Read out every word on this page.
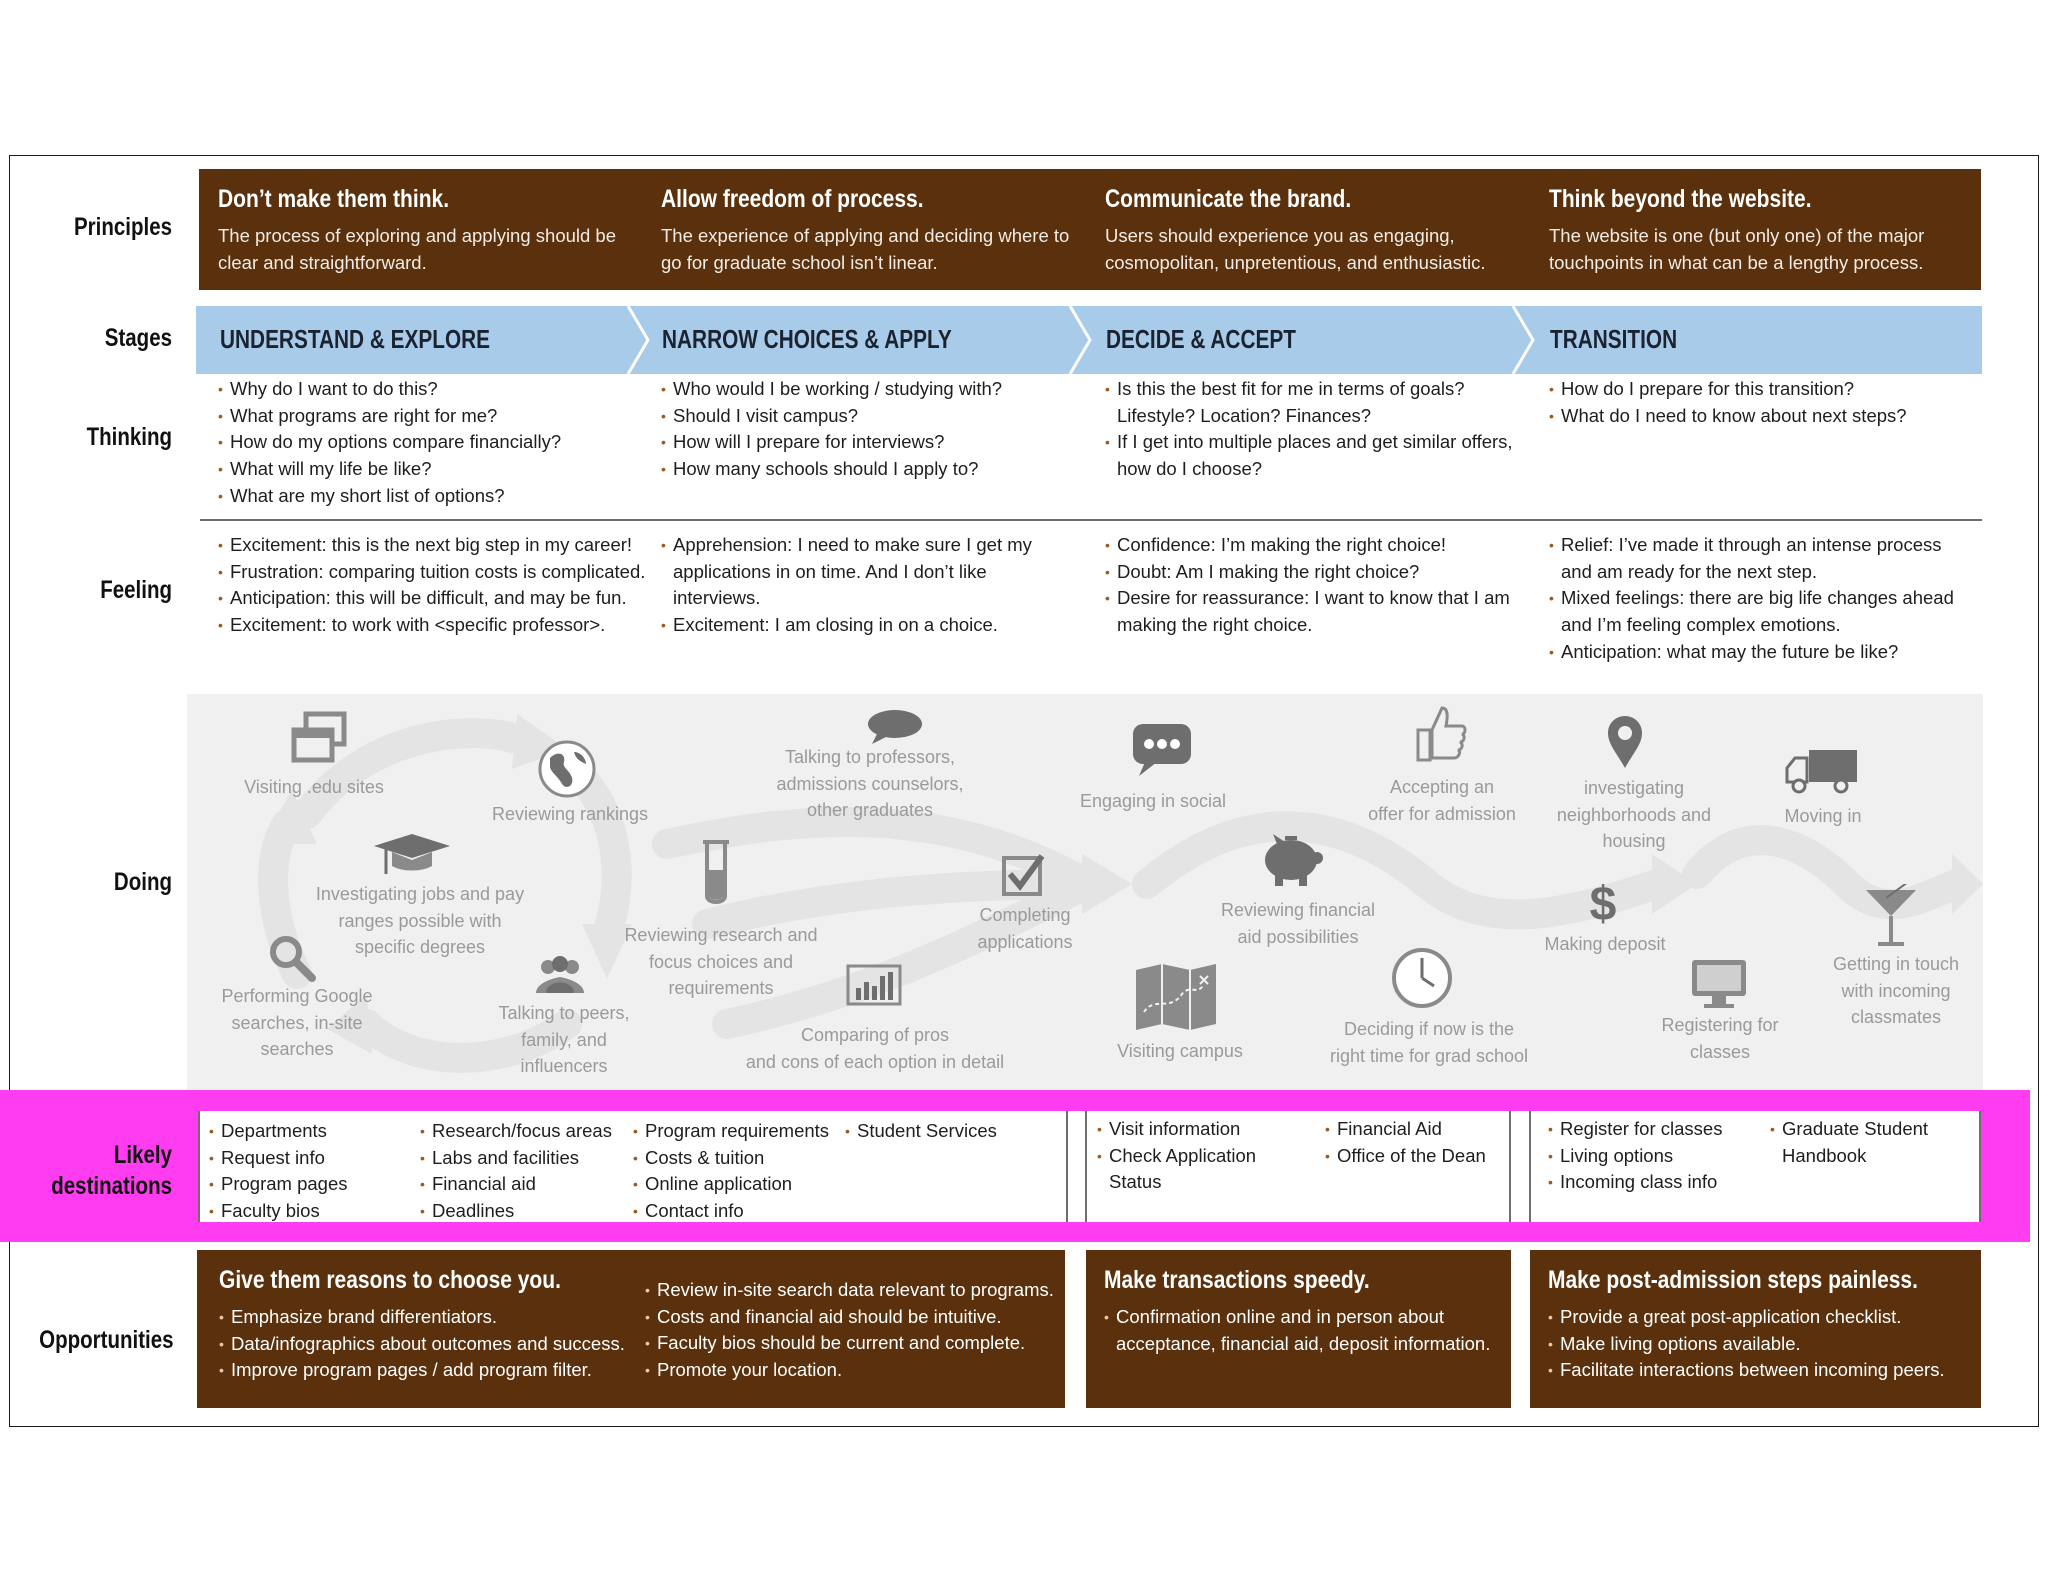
Principles
Stages
Thinking
Feeling
Doing
Opportunities
Don’t make them think.
The process of exploring and applying should be clear and straightforward.
Allow freedom of process.
The experience of applying and deciding where to go for graduate school isn’t linear.
Communicate the brand.
Users should experience you as engaging, cosmopolitan, unpretentious, and enthusiastic.
Think beyond the website.
The website is one (but only one) of the major touchpoints in what can be a lengthy process.
UNDERSTAND & EXPLORE	NARROW CHOICES & APPLY	DECIDE & ACCEPT	TRANSITION
• Why do I want to do this?
• What programs are right for me?
• How do my options compare financially?
• What will my life be like?
• What are my short list of options?
• Who would I be working / studying with?
• Should I visit campus?
• How will I prepare for interviews?
• How many schools should I apply to?
• Is this the best fit for me in terms of goals? Lifestyle? Location? Finances?
• If I get into multiple places and get similar offers, how do I choose?
• How do I prepare for this transition?
• What do I need to know about next steps?
• Excitement: this is the next big step in my career!
• Frustration: comparing tuition costs is complicated.
• Anticipation: this will be difficult, and may be fun.
• Excitement: to work with <specific professor>.
• Apprehension: I need to make sure I get my applications in on time. And I don’t like interviews.
• Excitement: I am closing in on a choice.
• Confidence: I’m making the right choice!
• Doubt: Am I making the right choice?
• Desire for reassurance: I want to know that I am making the right choice.
• Relief: I’ve made it through an intense process and am ready for the next step.
• Mixed feelings: there are big life changes ahead and I’m feeling complex emotions.
• Anticipation: what may the future be like?
$
Visiting .edu sites
Reviewing rankings
Investigating jobs and pay
ranges possible with
specific degrees
Performing Google
searches, in-site
searches
Talking to peers,
family, and
influencers
Talking to professors,
admissions counselors,
other graduates
Reviewing research and
focus choices and
requirements
Comparing of pros
and cons of each option in detail
Completing
applications
Engaging in social
Accepting an
offer for admission
Reviewing financial
aid possibilities
Visiting campus
Deciding if now is the
right time for grad school
investigating
neighborhoods and
housing
Moving in
Making deposit
Registering for
classes
Getting in touch
with incoming
classmates
Likely
destinations
• Departments
• Request info
• Program pages
• Faculty bios
• Research/focus areas
• Labs and facilities
• Financial aid
• Deadlines
• Program requirements
• Costs & tuition
• Online application
• Contact info
• Student Services
•	Visit information
• Check Application Status
• Financial Aid
• Office of the Dean
• Register for classes
• Living options
• Incoming class info
• Graduate Student Handbook
Give them reasons to choose you.
• Emphasize brand differentiators.
• Data/infographics about outcomes and success.
• Improve program pages / add program filter.
• Review in-site search data relevant to programs.
• Costs and financial aid should be intuitive.
• Faculty bios should be current and complete.
• Promote your location.
Make transactions speedy.
• Confirmation online and in person about acceptance, financial aid, deposit information.
Make post-admission steps painless.
• Provide a great post-application checklist.
• Make living options available.
• Facilitate interactions between incoming peers.
